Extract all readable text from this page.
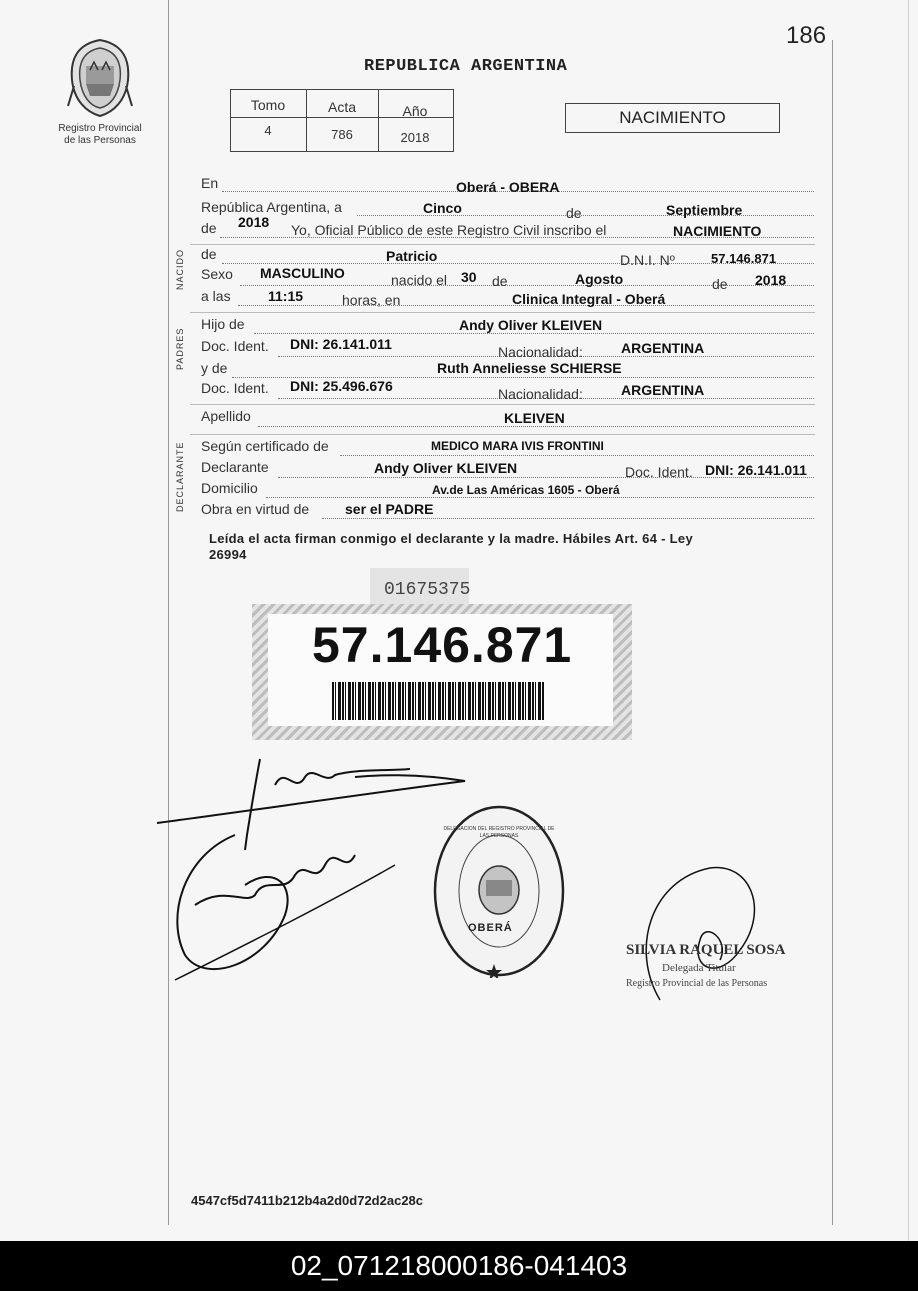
186
Registro Provincial
de las Personas
REPUBLICA ARGENTINA
Tomo	Acta	Año
4	786	2018
NACIMIENTO
En	Oberá - OBERA
República Argentina, a	Cinco	de	Septiembre
de 2018 Yo, Oficial Público de este Registro Civil inscribo el	NACIMIENTO
NACIDO de	Patricio	D.N.I. Nº	57.146.871
Sexo MASCULINO	nacido el 30 de	Agosto	de 2018
a las	11:15	horas, en	Clinica Integral - Oberá
PADRES
Hijo de	Andy Oliver KLEIVEN
Doc. Ident. DNI: 26.141.011	Nacionalidad:	ARGENTINA
y de	Ruth Anneliesse SCHIERSE
Doc. Ident. DNI: 25.496.676	Nacionalidad:	ARGENTINA
Apellido	KLEIVEN
DECLARANTE Según certificado de	MEDICO MARA IVIS FRONTINI
Declarante	Andy Oliver KLEIVEN	Doc. Ident. DNI: 26.141.011
Domicilio	Av.de Las Américas 1605 - Oberá
Obra en virtud de	ser el PADRE
Leída el acta firman conmigo el declarante y la madre. Hábiles Art. 64 - Ley
26994
01675375
57.146.871
OBERÁ
DELEGACION DEL REGISTRO PROVINCIAL DE LAS PERSONAS
SILVIA RAQUEL SOSA
Delegada Titular
Registro Provincial de las Personas
4547cf5d7411b212b4a2d0d72d2ac28c
02_071218000186-041403
